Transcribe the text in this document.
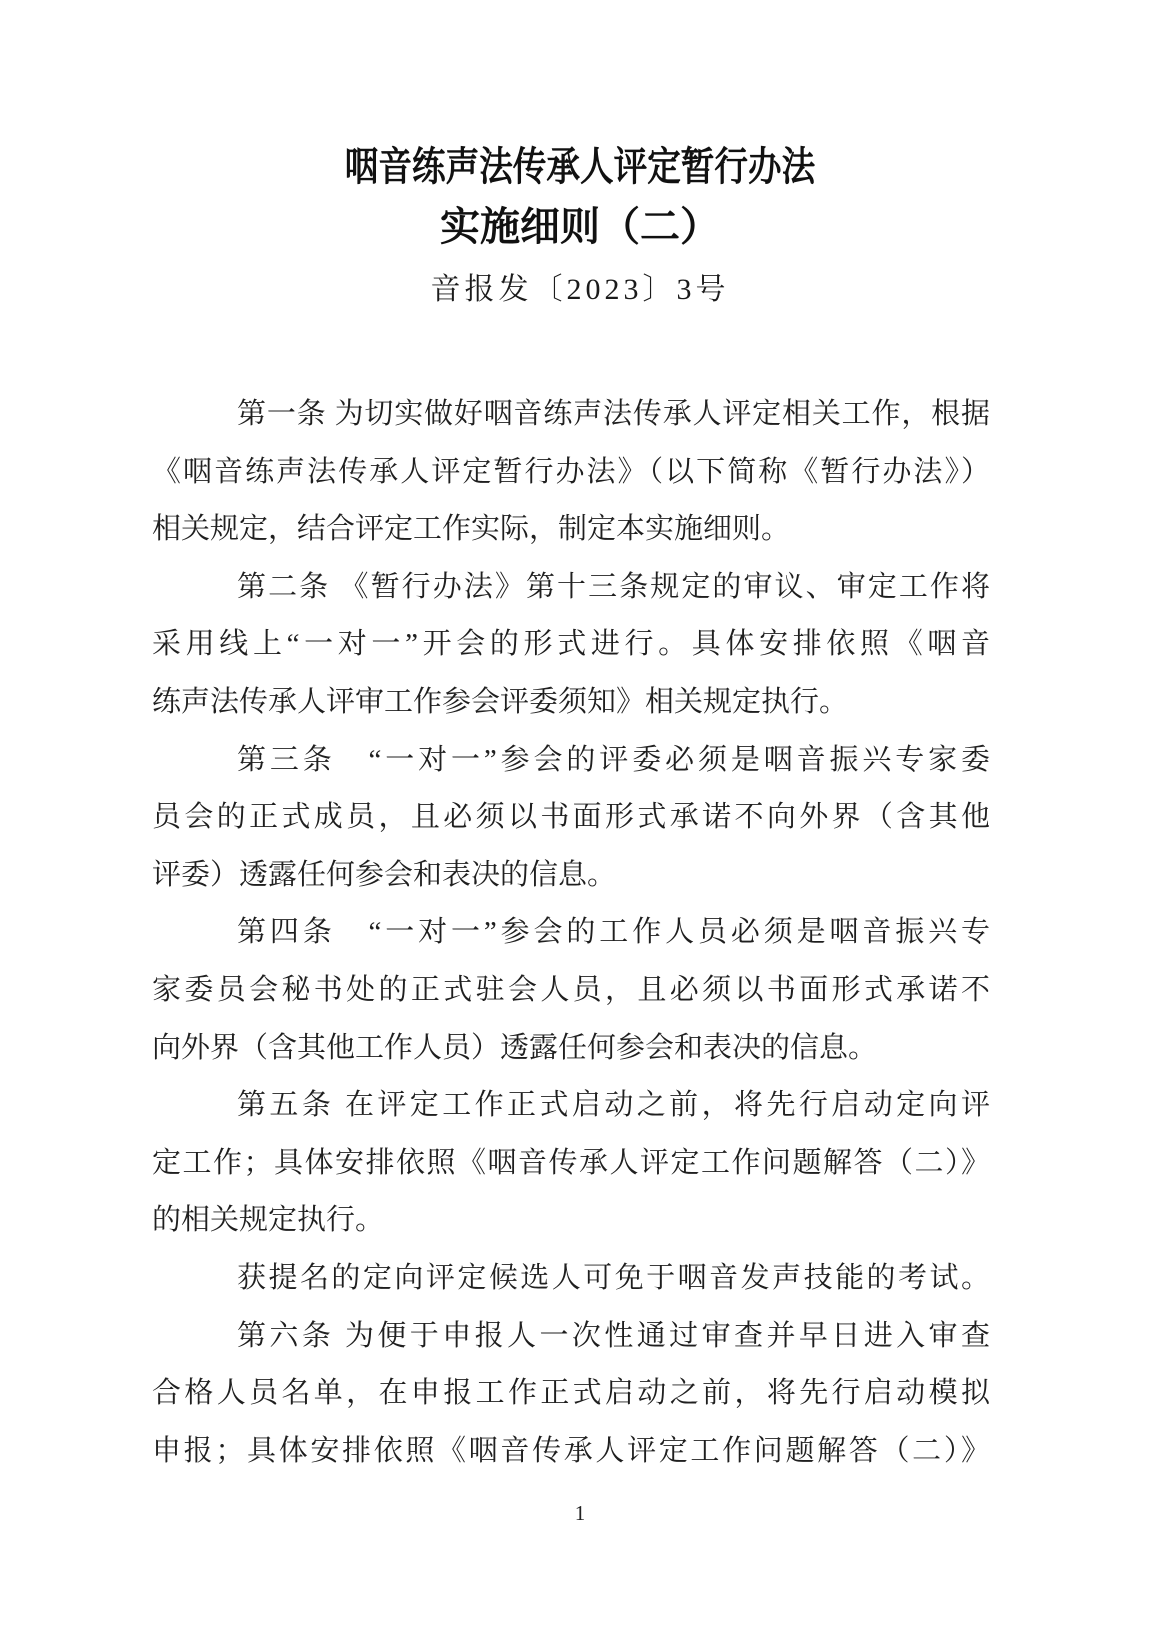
咽音练声法传承人评定暂行办法
实施细则（二）
音报发〔2023〕3号
第一条 为切实做好咽音练声法传承人评定相关工作，根据
《咽音练声法传承人评定暂行办法》（以下简称《暂行办法》）
相关规定，结合评定工作实际，制定本实施细则。
第二条 《暂行办法》第十三条规定的审议、审定工作将
采用线上“一对一”开会的形式进行。具体安排依照《咽音
练声法传承人评审工作参会评委须知》相关规定执行。
第三条　“一对一”参会的评委必须是咽音振兴专家委
员会的正式成员，且必须以书面形式承诺不向外界（含其他
评委）透露任何参会和表决的信息。
第四条　“一对一”参会的工作人员必须是咽音振兴专
家委员会秘书处的正式驻会人员，且必须以书面形式承诺不
向外界（含其他工作人员）透露任何参会和表决的信息。
第五条 在评定工作正式启动之前，将先行启动定向评
定工作；具体安排依照《咽音传承人评定工作问题解答（二）》
的相关规定执行。
获提名的定向评定候选人可免于咽音发声技能的考试。
第六条 为便于申报人一次性通过审查并早日进入审查
合格人员名单，在申报工作正式启动之前，将先行启动模拟
申报；具体安排依照《咽音传承人评定工作问题解答（二）》
1
